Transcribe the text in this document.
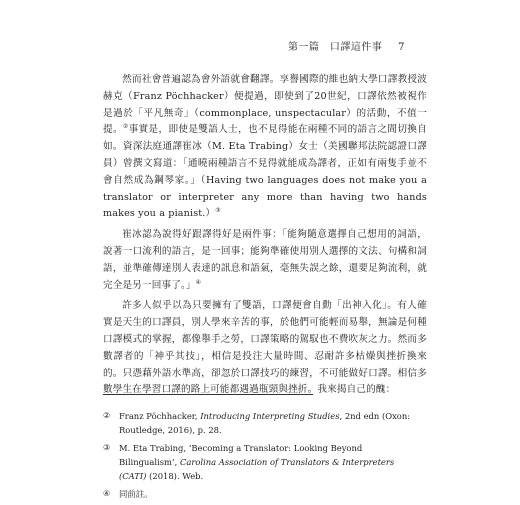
第一篇　口譯這件事 7

然而社會普遍認為會外語就會翻譯。享譽國際的維也納大學口譯教授波赫克（Franz Pöchhacker）便提過，即使到了20世紀，口譯依然被視作是過於「平凡無奇」（commonplace, unspectacular）的活動，不值一提。②事實是，即使是雙語人士，也不見得能在兩種不同的語言之間切換自如。資深法庭通譯崔冰（M. Eta Trabing）女士（美國聯邦法院認證口譯員）曾撰文寫道：「通曉兩種語言不見得就能成為譯者，正如有兩隻手並不會自然成為鋼琴家。」（Having two languages does not make you a translator or interpreter any more than having two hands makes you a pianist.）③

崔冰認為說得好跟譯得好是兩件事：「能夠隨意選擇自己想用的詞語，說著一口流利的語言，是一回事；能夠準確使用別人選擇的文法、句構和詞語，並準確傳達別人表達的訊息和語氣，毫無失誤之餘，還要足夠流利，就完全是另一回事了。」④

許多人似乎以為只要擁有了雙語，口譯便會自動「出神入化」。有人確實是天生的口譯員，別人學來辛苦的事，於他們可能輕而易舉，無論是何種口譯模式的掌握，都像舉手之勞，口譯策略的駕馭也不費吹灰之力。然而多數譯者的「神乎其技」，相信是投注大量時間、忍耐許多枯燥與挫折換來的。只憑藉外語水準高，卻忽於口譯技巧的練習，不可能做好口譯。相信多數學生在學習口譯的路上可能都遇過瓶頸與挫折。我來揭自己的醜：

② Franz Pöchhacker, Introducing Interpreting Studies, 2nd edn (Oxon: Routledge, 2016), p. 28.
③ M. Eta Trabing, ‘Becoming a Translator: Looking Beyond Bilingualism’, Carolina Association of Translators & Interpreters (CATI) (2018). Web.
④ 同前註。
